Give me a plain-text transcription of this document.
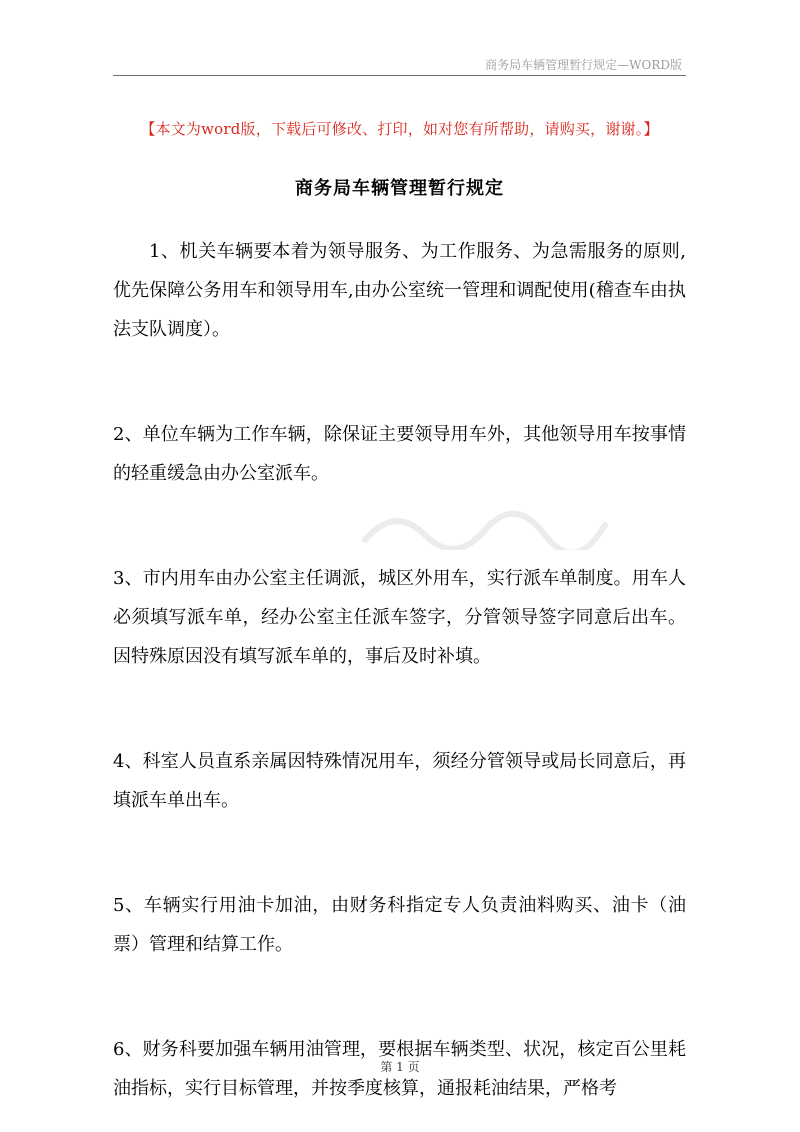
商务局车辆管理暂行规定—WORD版
【本文为word版，下载后可修改、打印，如对您有所帮助，请购买，谢谢。】
商务局车辆管理暂行规定

1、机关车辆要本着为领导服务、为工作服务、为急需服务的原则,优先保障公务用车和领导用车,由办公室统一管理和调配使用(稽查车由执法支队调度）。

2、单位车辆为工作车辆，除保证主要领导用车外，其他领导用车按事情的轻重缓急由办公室派车。

3、市内用车由办公室主任调派，城区外用车，实行派车单制度。用车人必须填写派车单，经办公室主任派车签字，分管领导签字同意后出车。因特殊原因没有填写派车单的，事后及时补填。

4、科室人员直系亲属因特殊情况用车，须经分管领导或局长同意后，再填派车单出车。

5、车辆实行用油卡加油，由财务科指定专人负责油料购买、油卡（油票）管理和结算工作。

6、财务科要加强车辆用油管理，要根据车辆类型、状况，核定百公里耗油指标，实行目标管理，并按季度核算，通报耗油结果，严格考

第 1 页
